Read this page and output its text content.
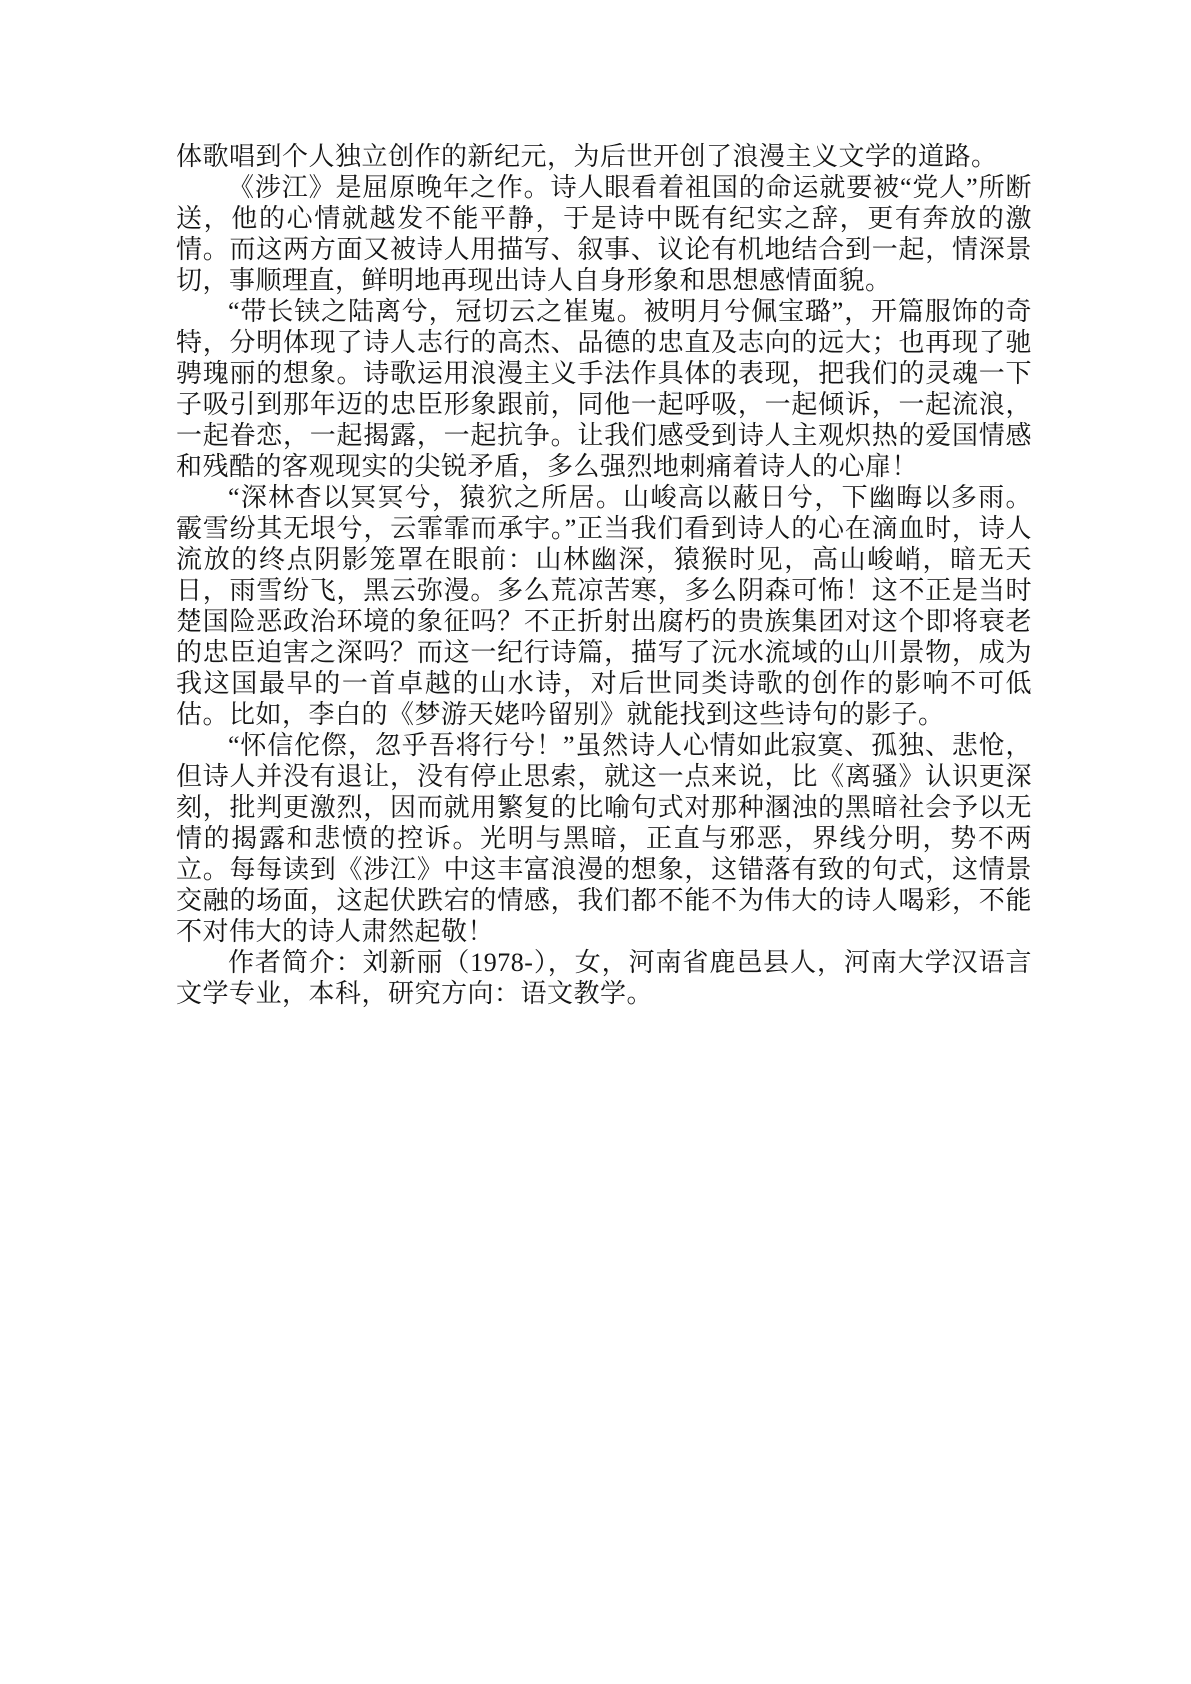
体歌唱到个人独立创作的新纪元，为后世开创了浪漫主义文学的道路。

《涉江》是屈原晚年之作。诗人眼看着祖国的命运就要被“党人”所断送，他的心情就越发不能平静，于是诗中既有纪实之辞，更有奔放的激情。而这两方面又被诗人用描写、叙事、议论有机地结合到一起，情深景切，事顺理直，鲜明地再现出诗人自身形象和思想感情面貌。

“带长铗之陆离兮，冠切云之崔嵬。被明月兮佩宝璐”，开篇服饰的奇特，分明体现了诗人志行的高杰、品德的忠直及志向的远大；也再现了驰骋瑰丽的想象。诗歌运用浪漫主义手法作具体的表现，把我们的灵魂一下子吸引到那年迈的忠臣形象跟前，同他一起呼吸，一起倾诉，一起流浪，一起眷恋，一起揭露，一起抗争。让我们感受到诗人主观炽热的爱国情感和残酷的客观现实的尖锐矛盾，多么强烈地刺痛着诗人的心扉！

“深林杳以冥冥兮，猿狖之所居。山峻高以蔽日兮，下幽晦以多雨。霰雪纷其无垠兮，云霏霏而承宇。”正当我们看到诗人的心在滴血时，诗人流放的终点阴影笼罩在眼前：山林幽深，猿猴时见，高山峻峭，暗无天日，雨雪纷飞，黑云弥漫。多么荒凉苦寒，多么阴森可怖！这不正是当时楚国险恶政治环境的象征吗？不正折射出腐朽的贵族集团对这个即将衰老的忠臣迫害之深吗？而这一纪行诗篇，描写了沅水流域的山川景物，成为我这国最早的一首卓越的山水诗，对后世同类诗歌的创作的影响不可低估。比如，李白的《梦游天姥吟留别》就能找到这些诗句的影子。

“怀信佗傺，忽乎吾将行兮！”虽然诗人心情如此寂寞、孤独、悲怆，但诗人并没有退让，没有停止思索，就这一点来说，比《离骚》认识更深刻，批判更激烈，因而就用繁复的比喻句式对那种溷浊的黑暗社会予以无情的揭露和悲愤的控诉。光明与黑暗，正直与邪恶，界线分明，势不两立。每每读到《涉江》中这丰富浪漫的想象，这错落有致的句式，这情景交融的场面，这起伏跌宕的情感，我们都不能不为伟大的诗人喝彩，不能不对伟大的诗人肃然起敬！

作者简介：刘新丽（1978-），女，河南省鹿邑县人，河南大学汉语言文学专业，本科，研究方向：语文教学。
